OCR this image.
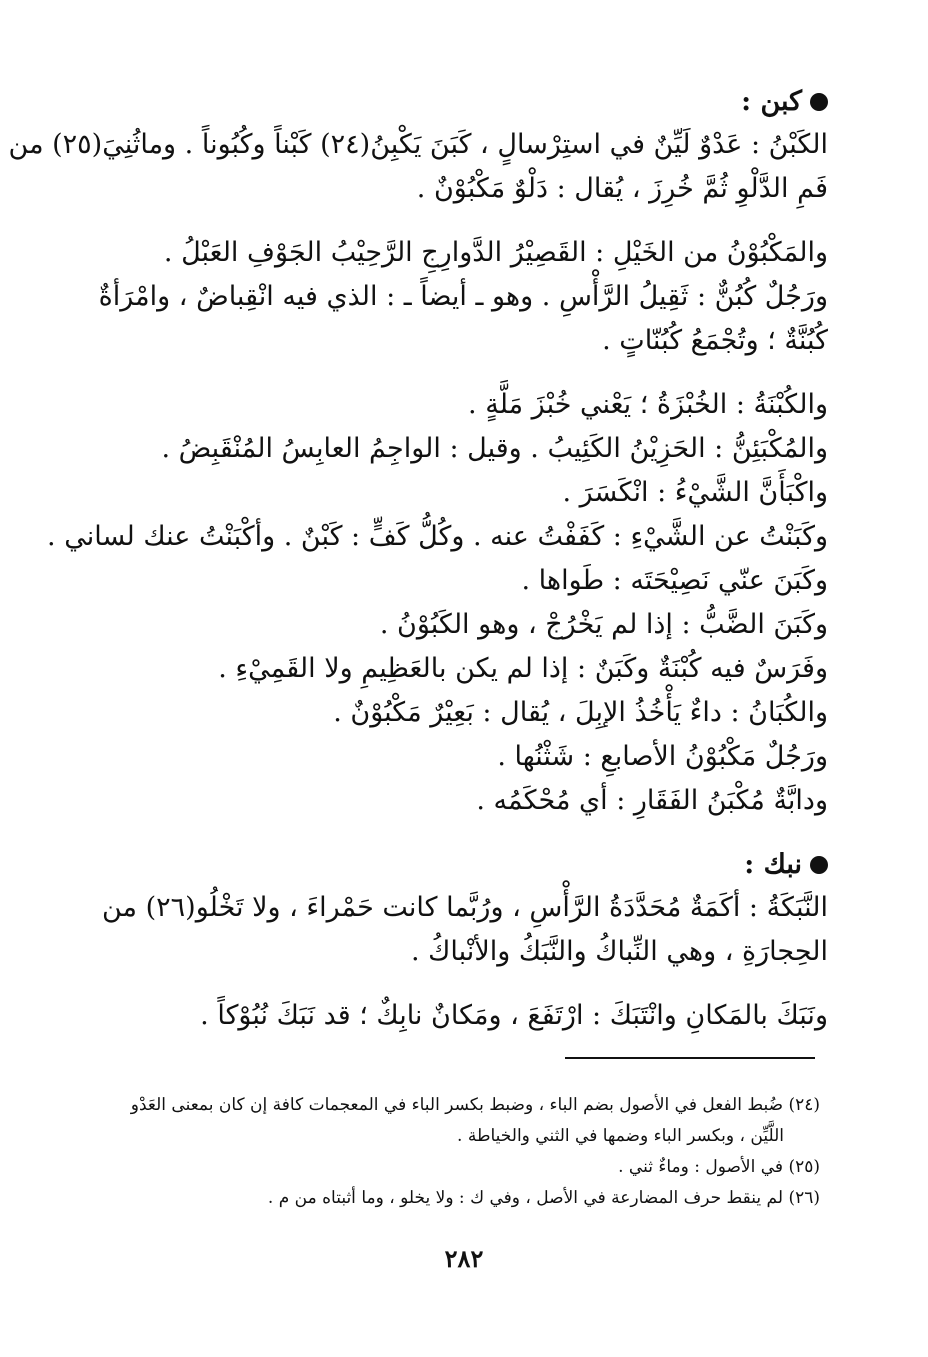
كبن :
الكَبْنُ : عَدْوٌ لَيِّنٌ في استِرْسالٍ ، كَبَنَ يَكْبِنُ(٢٤) كَبْناً وكُبُوناً . وماثُنِيَ(٢٥) من
فَمِ الدَّلْوِ ثُمَّ خُرِزَ ، يُقال : دَلْوٌ مَكْبُوْنٌ .
والمَكْبُوْنُ من الخَيْلِ : القَصِيْرُ الدَّوارِجِ الرَّحِيْبُ الجَوْفِ العَبْلُ .
ورَجُلٌ كُبُنٌّ : ثَقِيلُ الرَّأْسِ . وهو ـ أيضاً ـ : الذي فيه انْقِباضٌ ، وامْرَأةٌ
كُبُنَّةٌ ؛ وتُجْمَعُ كُبُنّاتٍ .
والكُبْنَةُ : الخُبْزَةُ ؛ يَعْني خُبْزَ مَلَّةٍ .
والمُكْبَئِنُّ : الحَزِيْنُ الكَئِيبُ . وقيل : الواجِمُ العابِسُ المُنْقَبِضُ .
واكْبَأَنَّ الشَّيْءُ : انْكَسَرَ .
وكَبَنْتُ عن الشَّيْءِ : كَفَفْتُ عنه . وكُلُّ كَفٍّ : كَبْنٌ . وأكْبَنْتُ عنك لساني .
وكَبَنَ عنّي نَصِيْحَتَه : طَواها .
وكَبَنَ الضَّبُّ : إذا لم يَخْرُجْ ، وهو الكَبُوْنُ .
وفَرَسٌ فيه كُبْنَةٌ وكَبَنٌ : إذا لم يكن بالعَظِيمِ ولا القَمِيْءِ .
والكُبَانُ : داءٌ يَأْخُذُ الإبِلَ ، يُقال : بَعِيْرٌ مَكْبُوْنٌ .
ورَجُلٌ مَكْبُوْنُ الأصابعِ : شَثْنُها .
ودابَّةٌ مُكْبَنُ الفَقَارِ : أي مُحْكَمُه .
نبك :
النَّبَكَةُ : أكَمَةٌ مُحَدَّدَةُ الرَّأْسِ ، ورُبَّما كانت حَمْراءَ ، ولا تَخْلُو(٢٦) من
الحِجارَةِ ، وهي النِّباكُ والنَّبَكُ والأنْباكُ .
ونَبَكَ بالمَكانِ وانْتَبَكَ : ارْتَفَعَ ، ومَكانٌ نابِكٌ ؛ قد نَبَكَ نُبُوْكاً .
(٢٤) ضُبط الفعل في الأصول بضم الباء ، وضبط بكسر الباء في المعجمات كافة إن كان بمعنى العَدْو
اللَّيِّن ، وبكسر الباء وضمها في الثني والخياطة .
(٢٥) في الأصول : وماءٌ ثني .
(٢٦) لم ينقط حرف المضارعة في الأصل ، وفي ك : ولا يخلو ، وما أثبتاه من م .
٢٨٢
